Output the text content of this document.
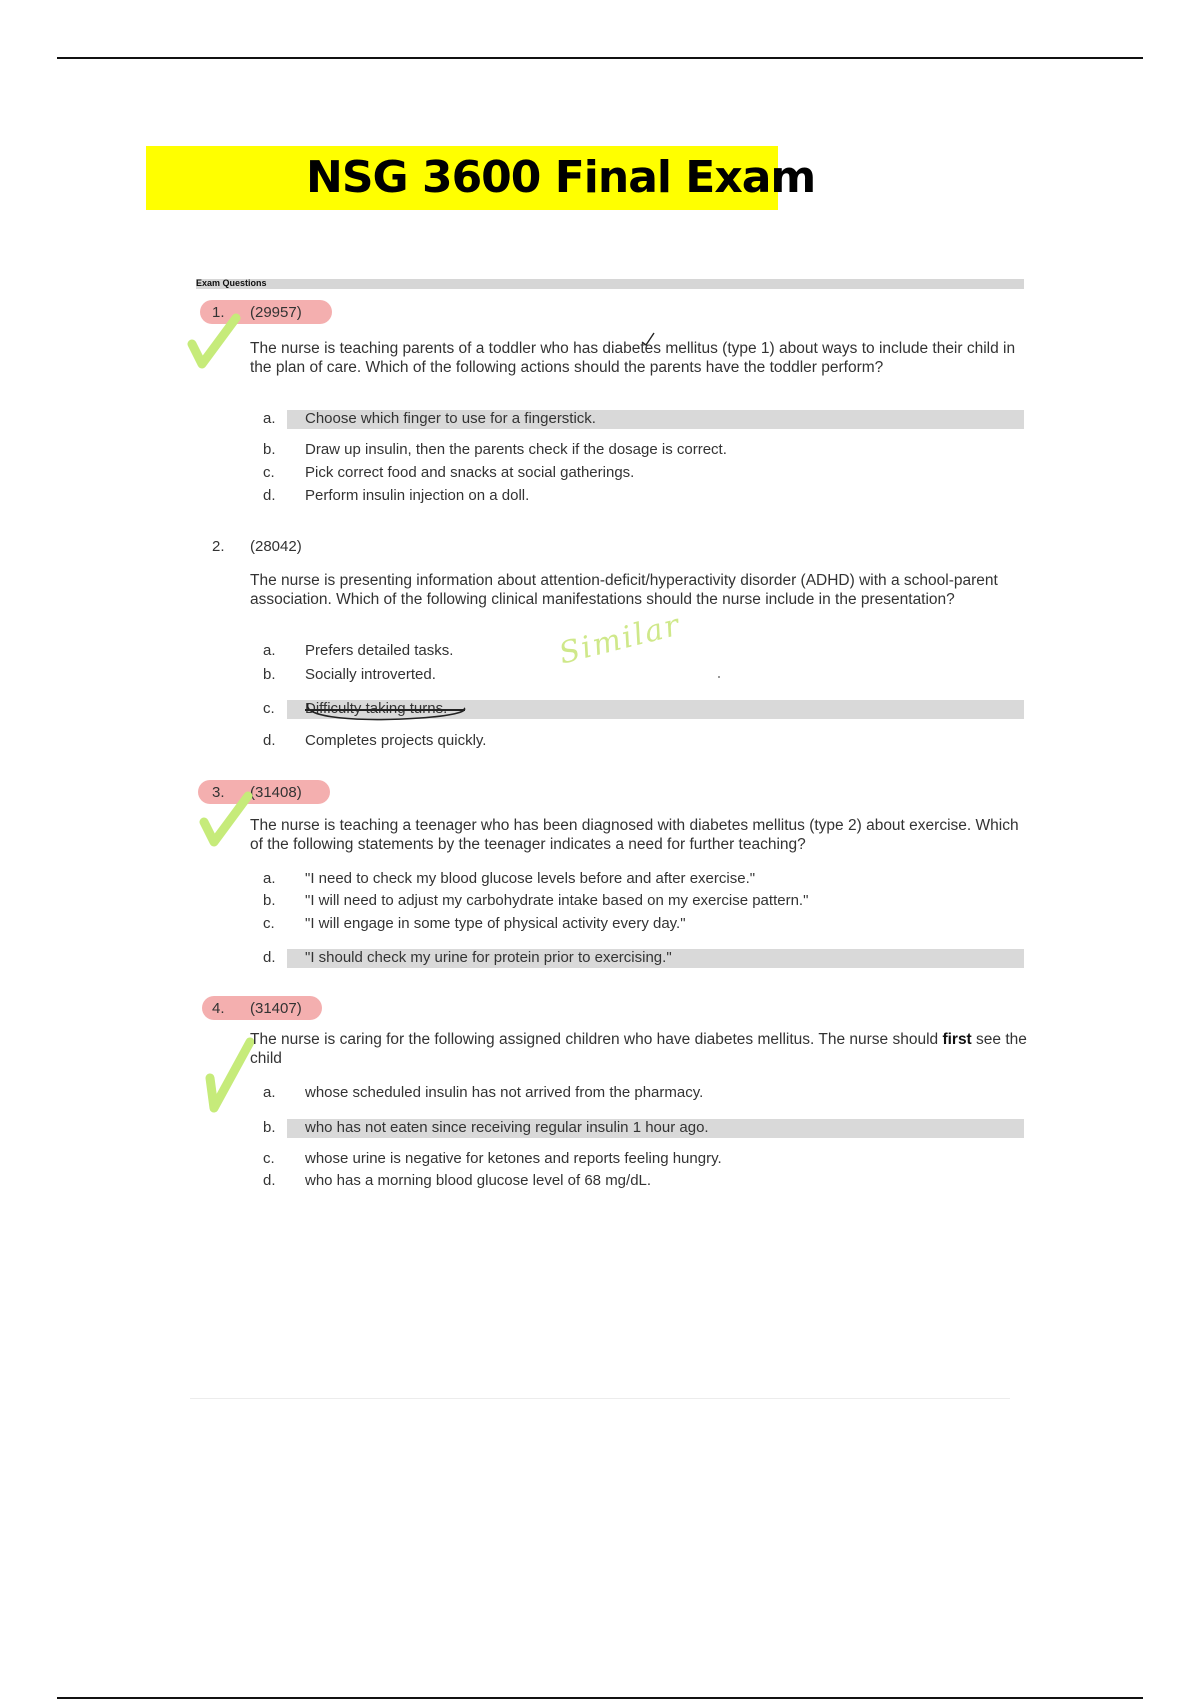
NSG 3600 Final Exam
Exam Questions
1. (29957)
The nurse is teaching parents of a toddler who has diabetes mellitus (type 1) about ways to include their child in the plan of care. Which of the following actions should the parents have the toddler perform?
a. Choose which finger to use for a fingerstick.
b. Draw up insulin, then the parents check if the dosage is correct.
c. Pick correct food and snacks at social gatherings.
d. Perform insulin injection on a doll.
2. (28042)
The nurse is presenting information about attention-deficit/hyperactivity disorder (ADHD) with a school-parent association. Which of the following clinical manifestations should the nurse include in the presentation?
a. Prefers detailed tasks.
b. Socially introverted.
Similar
c.
d. Completes projects quickly.
3. (31408)
The nurse is teaching a teenager who has been diagnosed with diabetes mellitus (type 2) about exercise. Which of the following statements by the teenager indicates a need for further teaching?
a. "I need to check my blood glucose levels before and after exercise."
b. "I will need to adjust my carbohydrate intake based on my exercise pattern."
c. "I will engage in some type of physical activity every day."
d. "I should check my urine for protein prior to exercising."
4. (31407)
The nurse is caring for the following assigned children who have diabetes mellitus. The nurse should first see the child
a. whose scheduled insulin has not arrived from the pharmacy.
b. who has not eaten since receiving regular insulin 1 hour ago.
c. whose urine is negative for ketones and reports feeling hungry.
d. who has a morning blood glucose level of 68 mg/dL.
